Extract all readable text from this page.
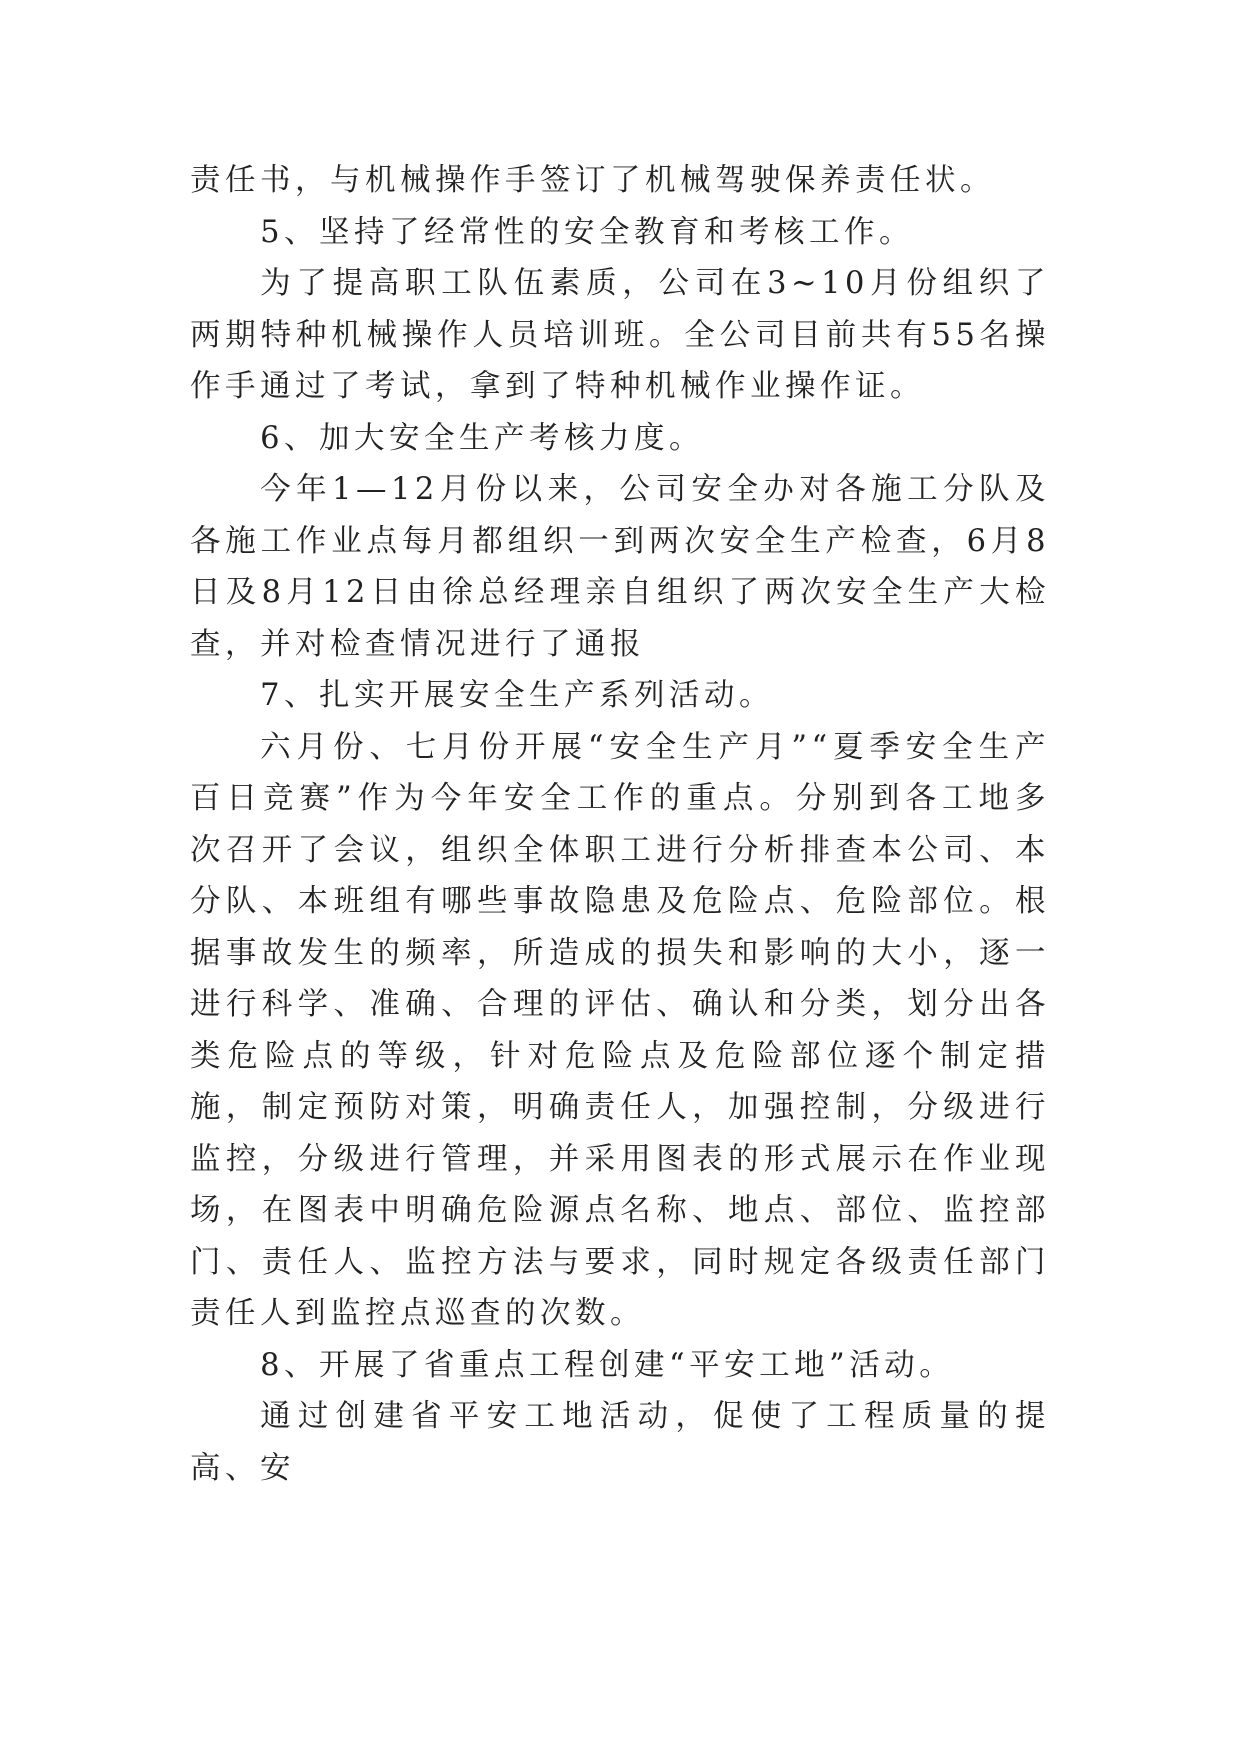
责任书，与机械操作手签订了机械驾驶保养责任状。

5、坚持了经常性的安全教育和考核工作。

为了提高职工队伍素质，公司在3~10月份组织了两期特种机械操作人员培训班。全公司目前共有55名操作手通过了考试，拿到了特种机械作业操作证。

6、加大安全生产考核力度。

今年1—12月份以来，公司安全办对各施工分队及各施工作业点每月都组织一到两次安全生产检查，6月8日及8月12日由徐总经理亲自组织了两次安全生产大检查，并对检查情况进行了通报

7、扎实开展安全生产系列活动。

六月份、七月份开展“安全生产月”“夏季安全生产百日竞赛”作为今年安全工作的重点。分别到各工地多次召开了会议，组织全体职工进行分析排查本公司、本分队、本班组有哪些事故隐患及危险点、危险部位。根据事故发生的频率，所造成的损失和影响的大小，逐一进行科学、准确、合理的评估、确认和分类，划分出各类危险点的等级，针对危险点及危险部位逐个制定措施，制定预防对策，明确责任人，加强控制，分级进行监控，分级进行管理，并采用图表的形式展示在作业现场，在图表中明确危险源点名称、地点、部位、监控部门、责任人、监控方法与要求，同时规定各级责任部门责任人到监控点巡查的次数。

8、开展了省重点工程创建“平安工地”活动。

通过创建省平安工地活动，促使了工程质量的提高、安
